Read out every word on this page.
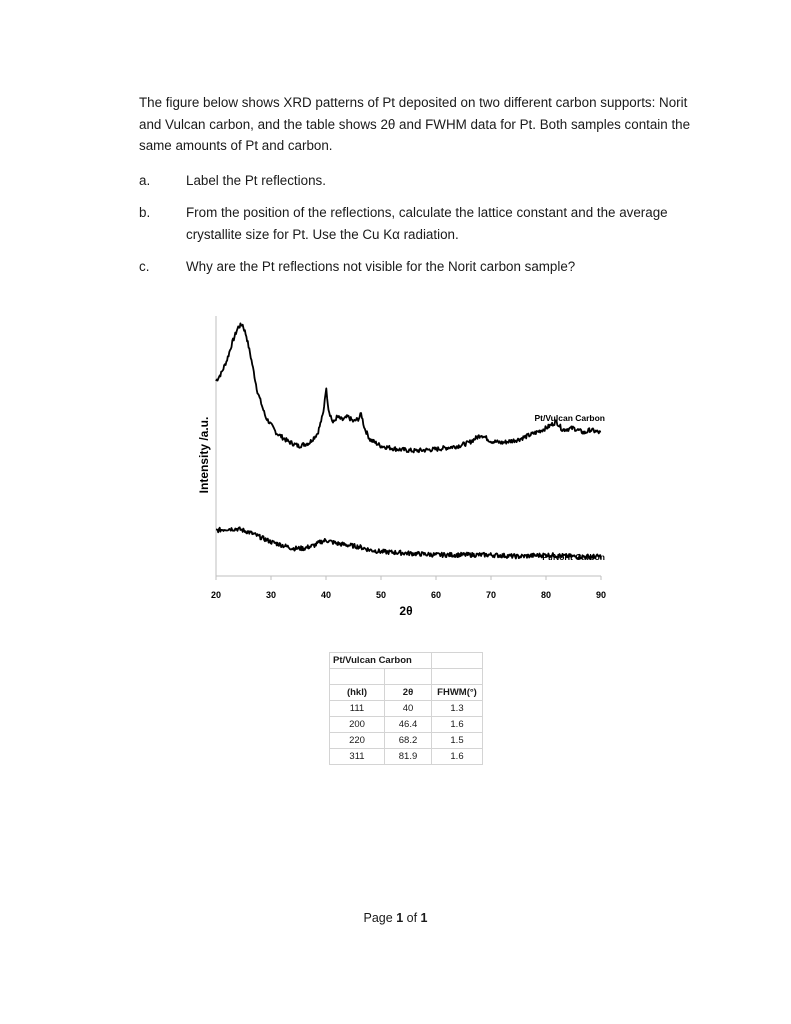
The figure below shows XRD patterns of Pt deposited on two different carbon supports: Norit and Vulcan carbon, and the table shows 2θ and FWHM data for Pt. Both samples contain the same amounts of Pt and carbon.

a.	Label the Pt reflections.
b.	From the position of the reflections, calculate the lattice constant and the average crystallite size for Pt. Use the Cu Kα radiation.
c.	Why are the Pt reflections not visible for the Norit carbon sample?
20	30	40	50	60	70	80	90
2θ
Intensity /a.u.	Pt/Vulcan Carbon
Pt/Norit Carbon
Pt/Vulcan Carbon		

(hkl)	2θ	FHWM(°)
111	40	1.3
200	46.4	1.6
220	68.2	1.5
311	81.9	1.6
Page 1 of 1
